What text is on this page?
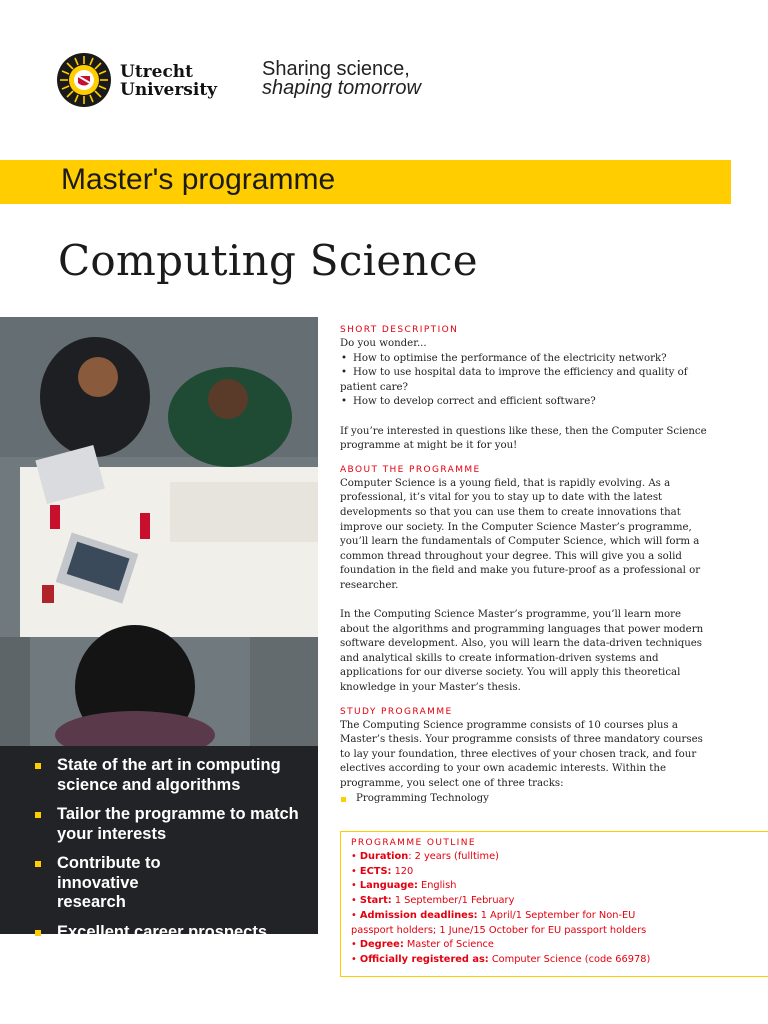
Utrecht
University
Sharing science,
shaping tomorrow
Master's programme
Computing Science
State of the art in computing science and algorithms
Tailor the programme to match your interests
Contribute to innovative research
Excellent career prospects
SHORT DESCRIPTION
Do you wonder...
• How to optimise the performance of the electricity network?
• How to use hospital data to improve the efficiency and quality of patient care?
• How to develop correct and efficient software?
If you’re interested in questions like these, then the Computer Science programme at might be it for you!
ABOUT THE PROGRAMME
Computer Science is a young field, that is rapidly evolving. As a professional, it’s vital for you to stay up to date with the latest developments so that you can use them to create innovations that improve our society. In the Computer Science Master’s programme, you’ll learn the fundamentals of Computer Science, which will form a common thread throughout your degree. This will give you a solid foundation in the field and make you future-proof as a professional or researcher.
In the Computing Science Master’s programme, you’ll learn more about the algorithms and programming languages that power modern software development. Also, you will learn the data-driven techniques and analytical skills to create information-driven systems and applications for our diverse society. You will apply this theoretical knowledge in your Master’s thesis.
STUDY PROGRAMME
The Computing Science programme consists of 10 courses plus a Master’s thesis. Your programme consists of three mandatory courses to lay your foundation, three electives of your chosen track, and four electives according to your own academic interests. Within the programme, you select one of three tracks:
Programming Technology
PROGRAMME OUTLINE
• Duration: 2 years (fulltime)
• ECTS: 120
• Language: English
• Start: 1 September/1 February
• Admission deadlines: 1 April/1 September for Non-EU passport holders; 1 June/15 October for EU passport holders
• Degree: Master of Science
• Officially registered as: Computer Science (code 66978)
